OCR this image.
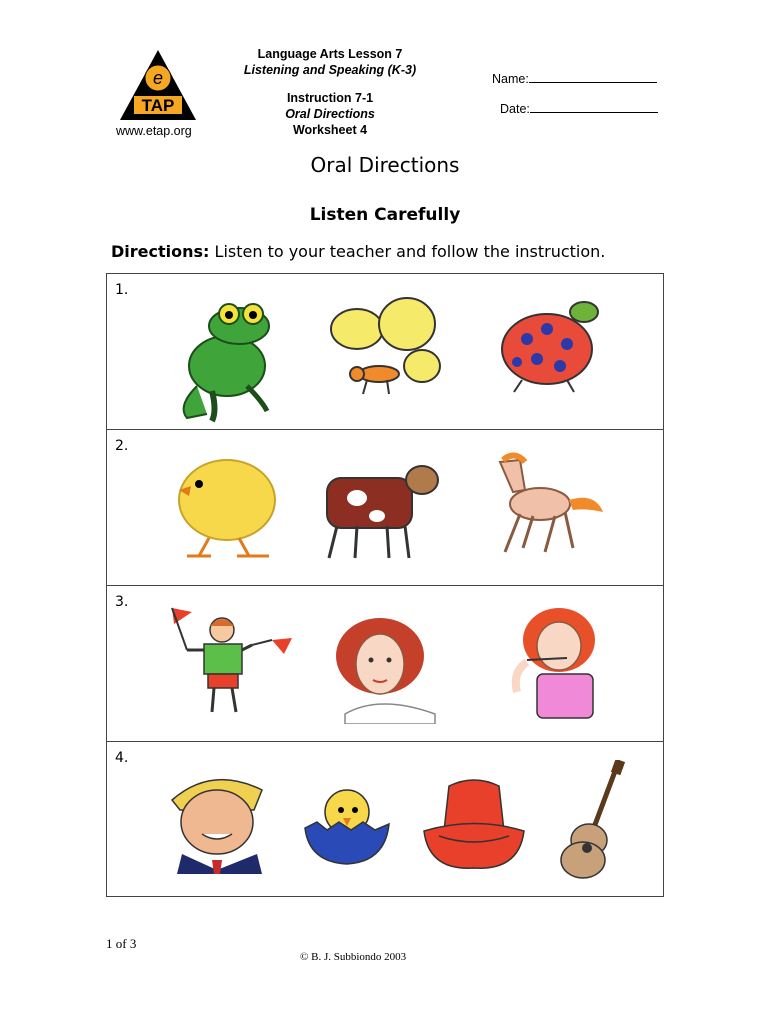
e
TAP
www.etap.org
Language Arts Lesson 7
Listening and Speaking (K-3)
Instruction 7-1
Oral Directions
Worksheet 4
Name:
Date:
Oral Directions
Listen Carefully
Directions: Listen to your teacher and follow the instruction.
1.
2.
3.
4.
1 of 3
© B. J. Subbiondo 2003
